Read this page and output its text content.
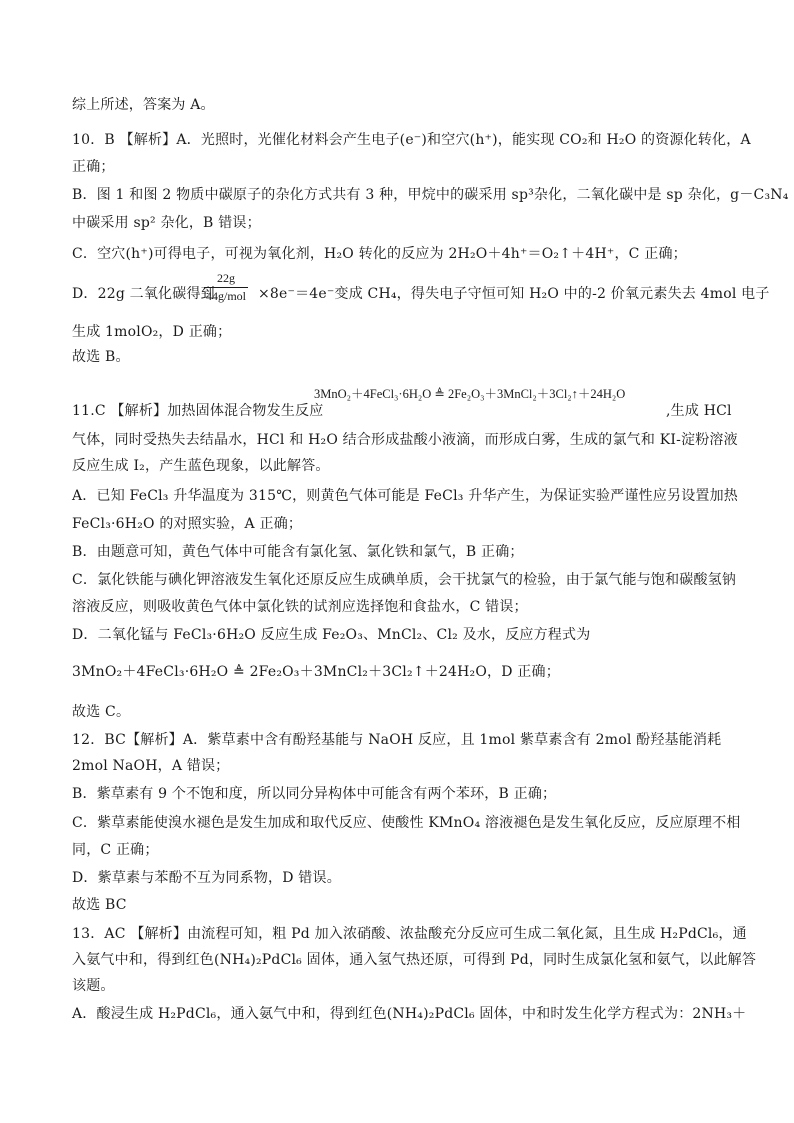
综上所述，答案为 A。
10．B 【解析】A．光照时，光催化材料会产生电子(e⁻)和空穴(h⁺)，能实现 CO₂和 H₂O 的资源化转化，A
正确；
B．图 1 和图 2 物质中碳原子的杂化方式共有 3 种，甲烷中的碳采用 sp³杂化，二氧化碳中是 sp 杂化，g－C₃N₄
中碳采用 sp² 杂化，B 错误；
C．空穴(h⁺)可得电子，可视为氧化剂，H₂O 转化的反应为 2H₂O＋4h⁺＝O₂↑＋4H⁺，C 正确；
D．22g 二氧化碳得到
22g
44g/mol ×8e⁻＝4e⁻变成 CH₄，得失电子守恒可知 H₂O 中的-2 价氧元素失去 4mol 电子
生成 1molO₂，D 正确；
故选 B。
3MnO₂＋4FeCl₃·6H₂O ≜ 2Fe₂O₃＋3MnCl₂＋3Cl₂↑＋24H₂O
11.C 【解析】加热固体混合物发生反应	,生成 HCl
气体，同时受热失去结晶水，HCl 和 H₂O 结合形成盐酸小液滴，而形成白雾，生成的氯气和 KI-淀粉溶液
反应生成 I₂，产生蓝色现象，以此解答。
A．已知 FeCl₃ 升华温度为 315℃，则黄色气体可能是 FeCl₃ 升华产生，为保证实验严谨性应另设置加热
FeCl₃·6H₂O 的对照实验，A 正确；
B．由题意可知，黄色气体中可能含有氯化氢、氯化铁和氯气，B 正确；
C．氯化铁能与碘化钾溶液发生氧化还原反应生成碘单质，会干扰氯气的检验，由于氯气能与饱和碳酸氢钠
溶液反应，则吸收黄色气体中氯化铁的试剂应选择饱和食盐水，C 错误；
D．二氧化锰与 FeCl₃·6H₂O 反应生成 Fe₂O₃、MnCl₂、Cl₂ 及水，反应方程式为
3MnO₂＋4FeCl₃·6H₂O ≜ 2Fe₂O₃＋3MnCl₂＋3Cl₂↑＋24H₂O，D 正确；
故选 C。
12．BC【解析】A．紫草素中含有酚羟基能与 NaOH 反应，且 1mol 紫草素含有 2mol 酚羟基能消耗
2mol NaOH，A 错误；
B．紫草素有 9 个不饱和度，所以同分异构体中可能含有两个苯环，B 正确；
C．紫草素能使溴水褪色是发生加成和取代反应、使酸性 KMnO₄ 溶液褪色是发生氧化反应，反应原理不相
同，C 正确；
D．紫草素与苯酚不互为同系物，D 错误。
故选 BC
13．AC 【解析】由流程可知，粗 Pd 加入浓硝酸、浓盐酸充分反应可生成二氧化氮，且生成 H₂PdCl₆，通
入氨气中和，得到红色(NH₄)₂PdCl₆ 固体，通入氢气热还原，可得到 Pd，同时生成氯化氢和氨气，以此解答
该题。
A．酸浸生成 H₂PdCl₆，通入氨气中和，得到红色(NH₄)₂PdCl₆ 固体，中和时发生化学方程式为：2NH₃＋
